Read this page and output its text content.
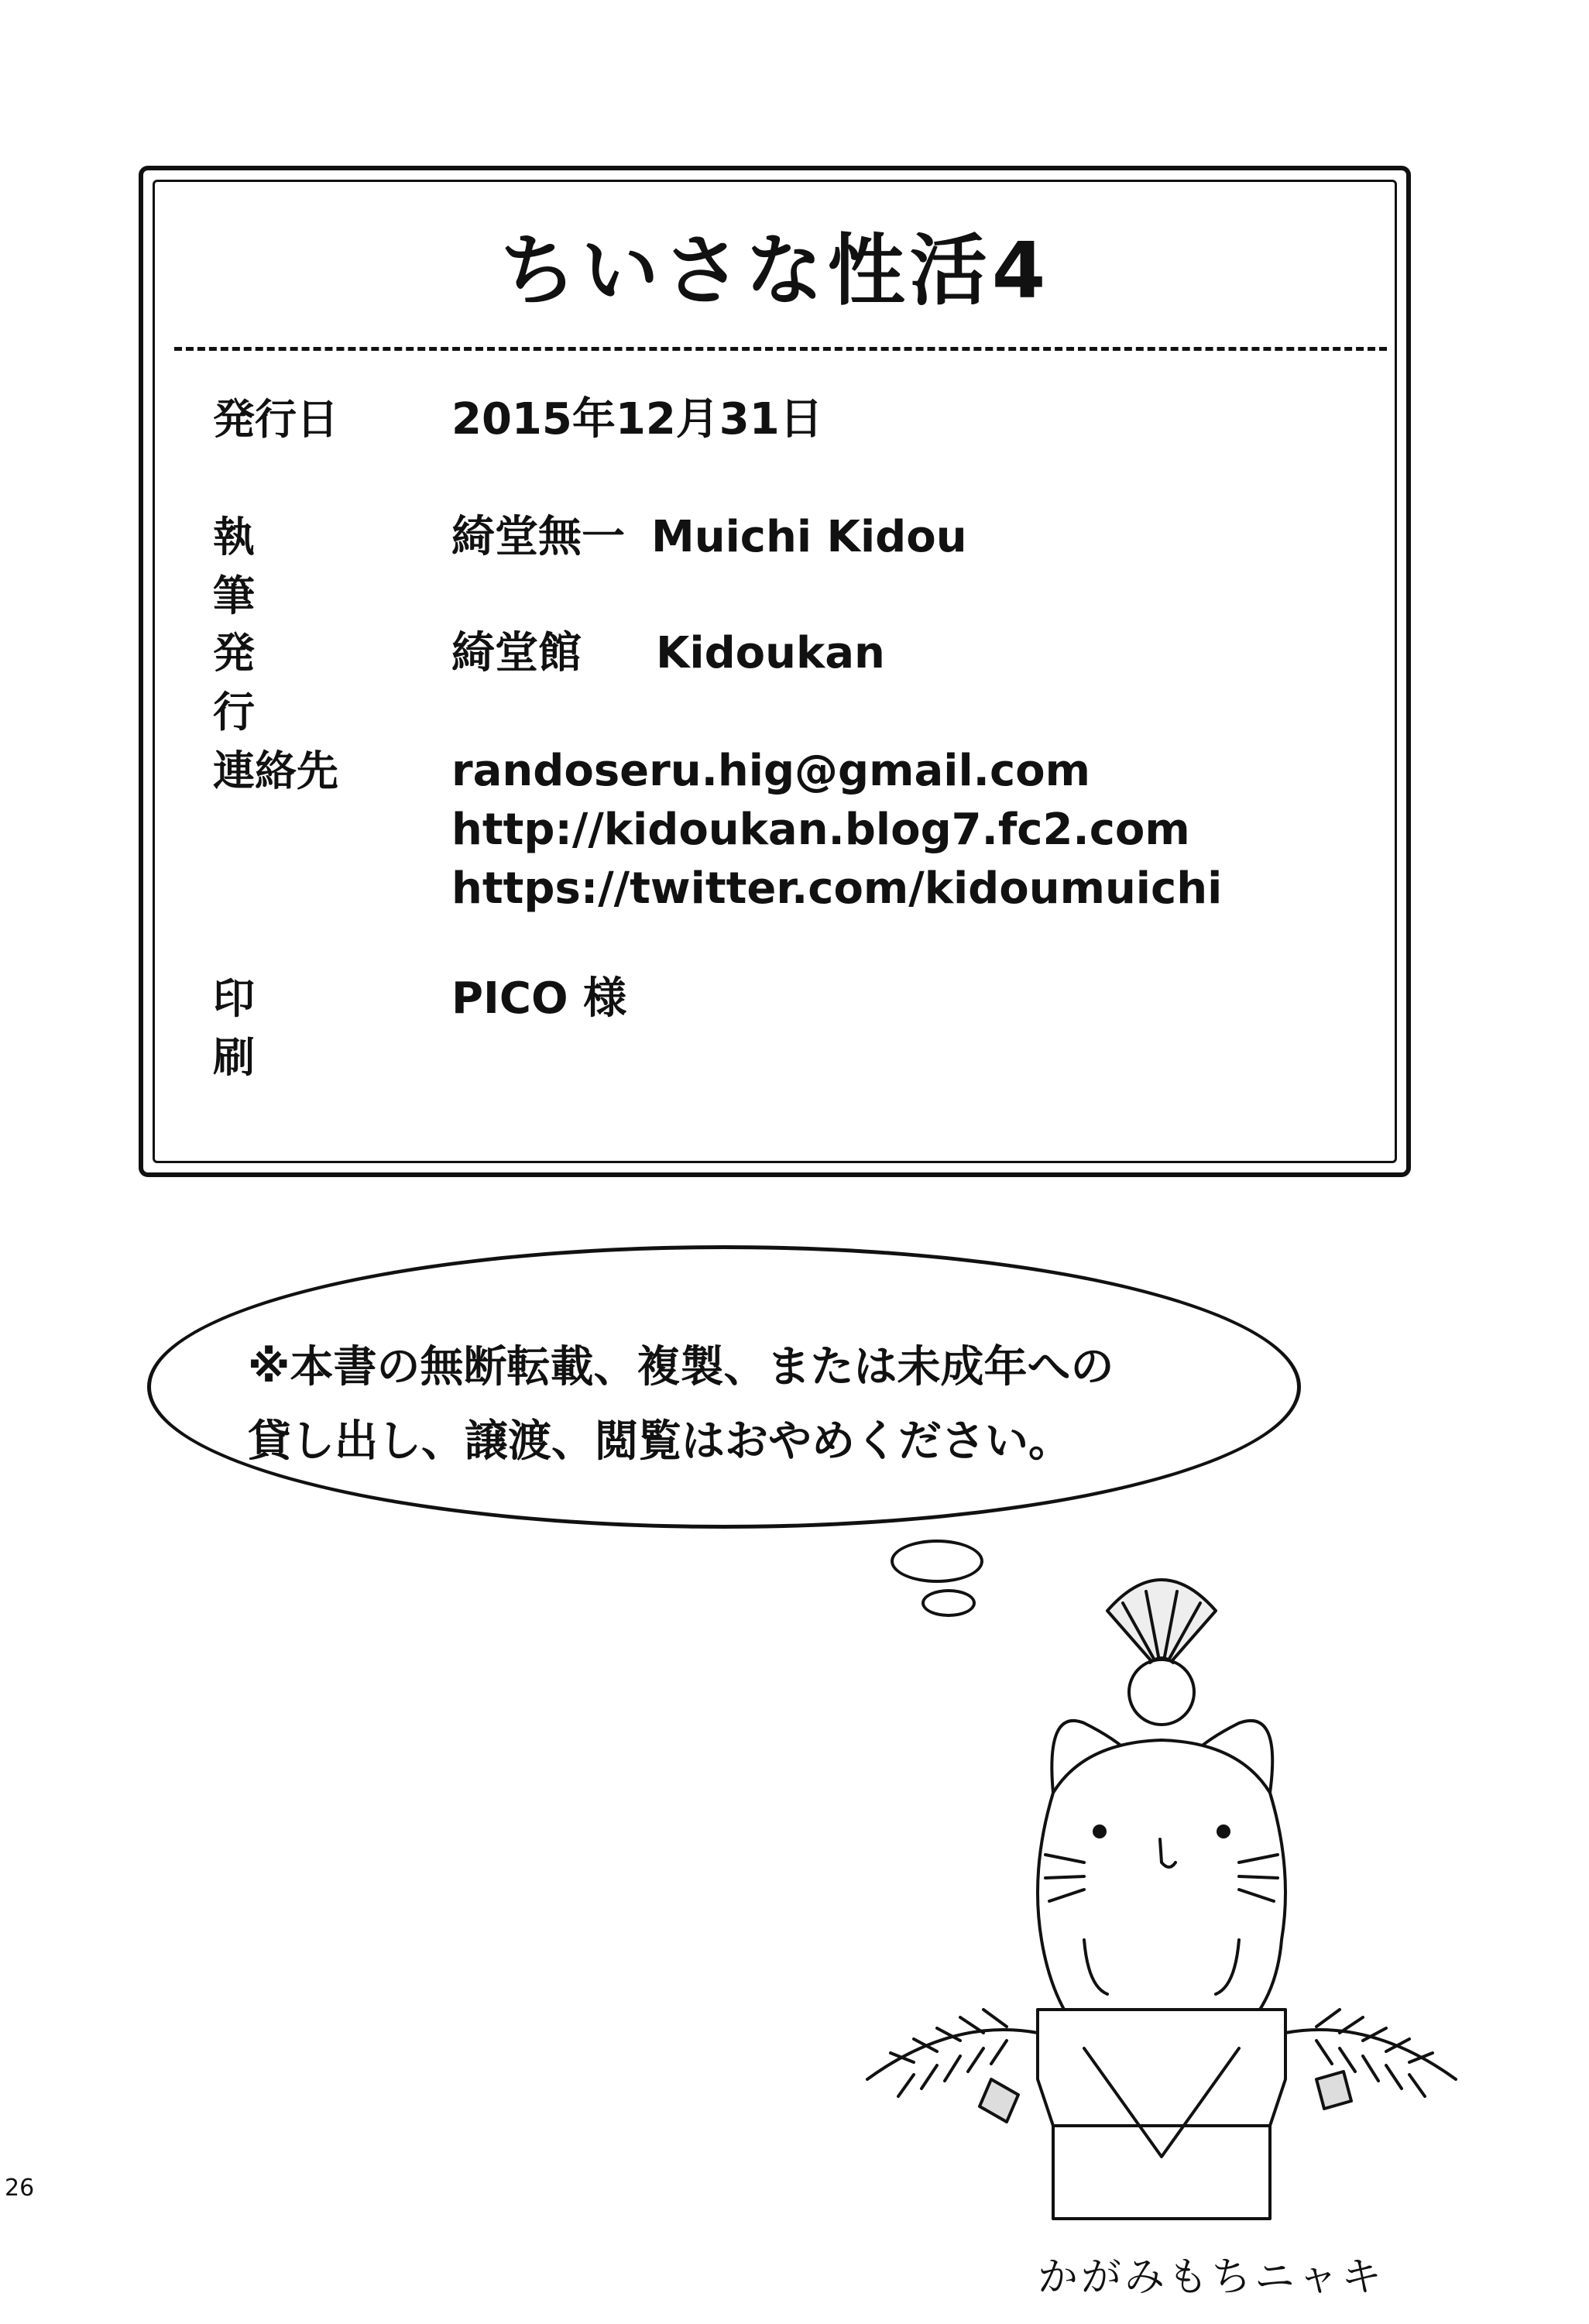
ちいさな性活4
発行日	2015年12月31日
執筆
綺堂無一 Muichi Kidou
発行
綺堂館 Kidoukan
連絡先	randoseru.hig@gmail.com
http://kidoukan.blog7.fc2.com
https://twitter.com/kidoumuichi
印刷
PICO 様
※本書の無断転載、複製、または未成年への
貸し出し、譲渡、閲覧はおやめください。
かがみもちニャキ
26
